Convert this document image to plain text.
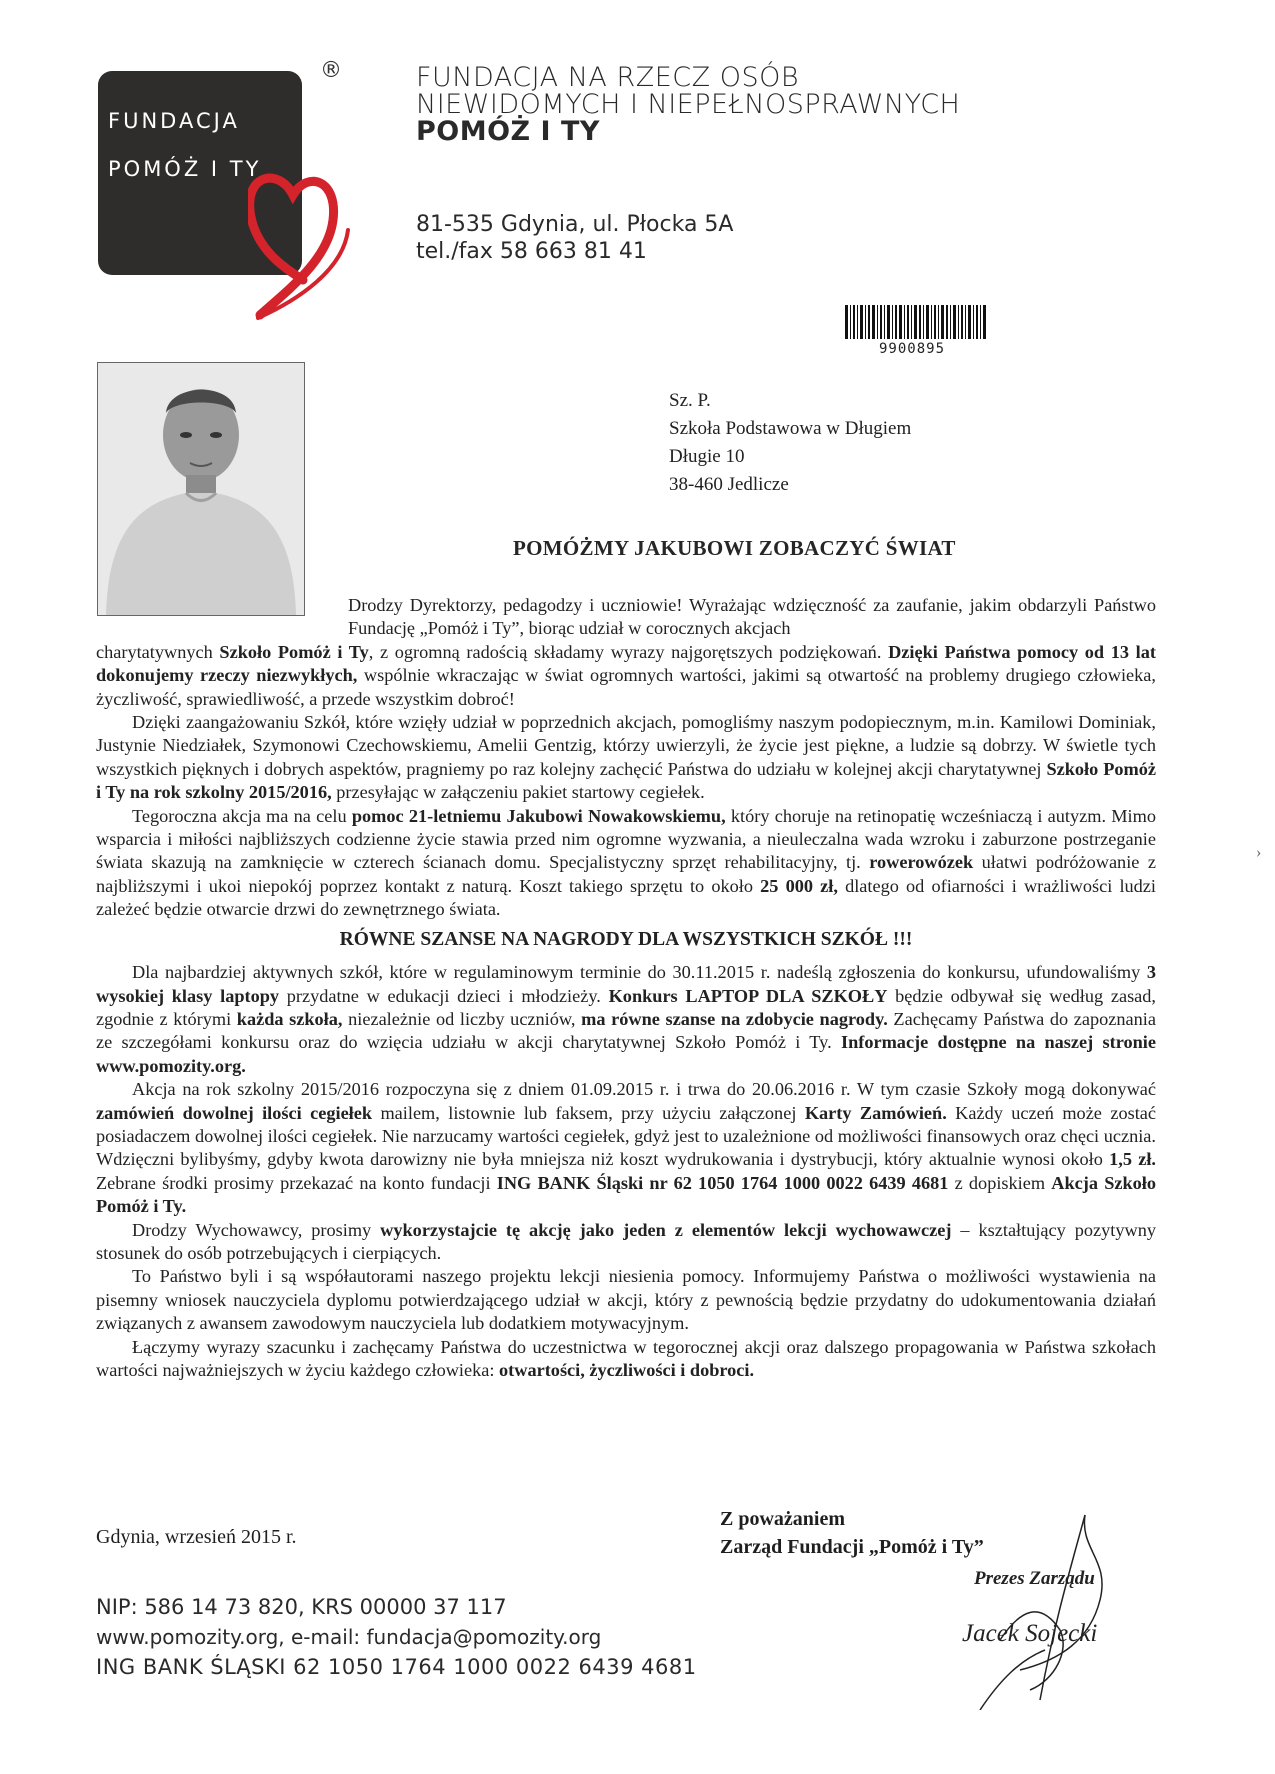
FUNDACJA

POMÓŻ I TY

®	FUNDACJA NA RZECZ OSÓB
NIEWIDOMYCH I NIEPEŁNOSPRAWNYCH
POMÓŻ I TY
81-535 Gdynia, ul. Płocka 5A
tel./fax 58 663 81 41
9900895
Sz. P.
Szkoła Podstawowa w Długiem
Długie 10
38-460 Jedlicze
POMÓŻMY JAKUBOWI ZOBACZYĆ ŚWIAT

Drodzy Dyrektorzy, pedagodzy i uczniowie! Wyrażając wdzięczność za zaufanie, jakim obdarzyli Państwo Fundację „Pomóż i Ty”, biorąc udział w corocznych akcjach

charytatywnych Szkoło Pomóż i Ty, z ogromną radością składamy wyrazy najgorętszych podziękowań. Dzięki Państwa pomocy od 13 lat dokonujemy rzeczy niezwykłych, wspólnie wkraczając w świat ogromnych wartości, jakimi są otwartość na problemy drugiego człowieka, życzliwość, sprawiedliwość, a przede wszystkim dobroć!

Dzięki zaangażowaniu Szkół, które wzięły udział w poprzednich akcjach, pomogliśmy naszym podopiecznym, m.in. Kamilowi Dominiak, Justynie Niedziałek, Szymonowi Czechowskiemu, Amelii Gentzig, którzy uwierzyli, że życie jest piękne, a ludzie są dobrzy. W świetle tych wszystkich pięknych i dobrych aspektów, pragniemy po raz kolejny zachęcić Państwa do udziału w kolejnej akcji charytatywnej Szkoło Pomóż i Ty na rok szkolny 2015/2016, przesyłając w załączeniu pakiet startowy cegiełek.

Tegoroczna akcja ma na celu pomoc 21-letniemu Jakubowi Nowakowskiemu, który choruje na retinopatię wcześniaczą i autyzm. Mimo wsparcia i miłości najbliższych codzienne życie stawia przed nim ogromne wyzwania, a nieuleczalna wada wzroku i zaburzone postrzeganie świata skazują na zamknięcie w czterech ścianach domu. Specjalistyczny sprzęt rehabilitacyjny, tj. rowerowózek ułatwi podróżowanie z najbliższymi i ukoi niepokój poprzez kontakt z naturą. Koszt takiego sprzętu to około 25 000 zł, dlatego od ofiarności i wrażliwości ludzi zależeć będzie otwarcie drzwi do zewnętrznego świata.

RÓWNE SZANSE NA NAGRODY DLA WSZYSTKICH SZKÓŁ !!!

Dla najbardziej aktywnych szkół, które w regulaminowym terminie do 30.11.2015 r. nadeślą zgłoszenia do konkursu, ufundowaliśmy 3 wysokiej klasy laptopy przydatne w edukacji dzieci i młodzieży. Konkurs LAPTOP DLA SZKOŁY będzie odbywał się według zasad, zgodnie z którymi każda szkoła, niezależnie od liczby uczniów, ma równe szanse na zdobycie nagrody. Zachęcamy Państwa do zapoznania ze szczegółami konkursu oraz do wzięcia udziału w akcji charytatywnej Szkoło Pomóż i Ty. Informacje dostępne na naszej stronie www.pomozity.org.

Akcja na rok szkolny 2015/2016 rozpoczyna się z dniem 01.09.2015 r. i trwa do 20.06.2016 r. W tym czasie Szkoły mogą dokonywać zamówień dowolnej ilości cegiełek mailem, listownie lub faksem, przy użyciu załączonej Karty Zamówień. Każdy uczeń może zostać posiadaczem dowolnej ilości cegiełek. Nie narzucamy wartości cegiełek, gdyż jest to uzależnione od możliwości finansowych oraz chęci ucznia. Wdzięczni bylibyśmy, gdyby kwota darowizny nie była mniejsza niż koszt wydrukowania i dystrybucji, który aktualnie wynosi około 1,5 zł. Zebrane środki prosimy przekazać na konto fundacji ING BANK Śląski nr 62 1050 1764 1000 0022 6439 4681 z dopiskiem Akcja Szkoło Pomóż i Ty.

Drodzy Wychowawcy, prosimy wykorzystajcie tę akcję jako jeden z elementów lekcji wychowawczej – kształtujący pozytywny stosunek do osób potrzebujących i cierpiących.

To Państwo byli i są współautorami naszego projektu lekcji niesienia pomocy. Informujemy Państwa o możliwości wystawienia na pisemny wniosek nauczyciela dyplomu potwierdzającego udział w akcji, który z pewnością będzie przydatny do udokumentowania działań związanych z awansem zawodowym nauczyciela lub dodatkiem motywacyjnym.

Łączymy wyrazy szacunku i zachęcamy Państwa do uczestnictwa w tegorocznej akcji oraz dalszego propagowania w Państwa szkołach wartości najważniejszych w życiu każdego człowieka: otwartości, życzliwości i dobroci.

Gdynia, wrzesień 2015 r.
Z poważaniem
Zarząd Fundacji „Pomóż i Ty”
Prezes Zarządu
Jacek Sojecki
NIP: 586 14 73 820, KRS 00000 37 117
www.pomozity.org, e-mail: fundacja@pomozity.org
ING BANK ŚLĄSKI 62 1050 1764 1000 0022 6439 4681
›
